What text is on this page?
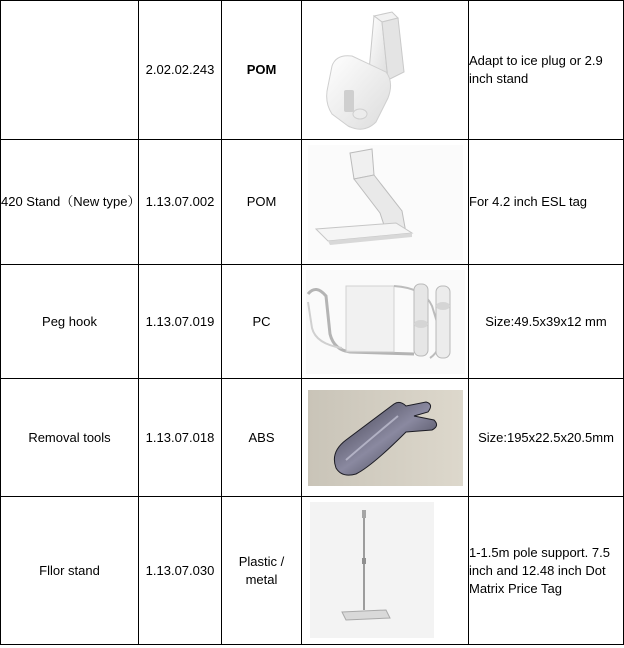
	2.02.02.243	POM		Adapt to ice plug or 2.9 inch stand
420 Stand（New type）	1.13.07.002	POM		For 4.2 inch ESL tag
Peg hook	1.13.07.019	PC		Size:49.5x39x12 mm
Removal tools	1.13.07.018	ABS		Size:195x22.5x20.5mm
Fllor stand	1.13.07.030	Plastic / metal		1-1.5m pole support. 7.5 inch and 12.48 inch Dot Matrix Price Tag
